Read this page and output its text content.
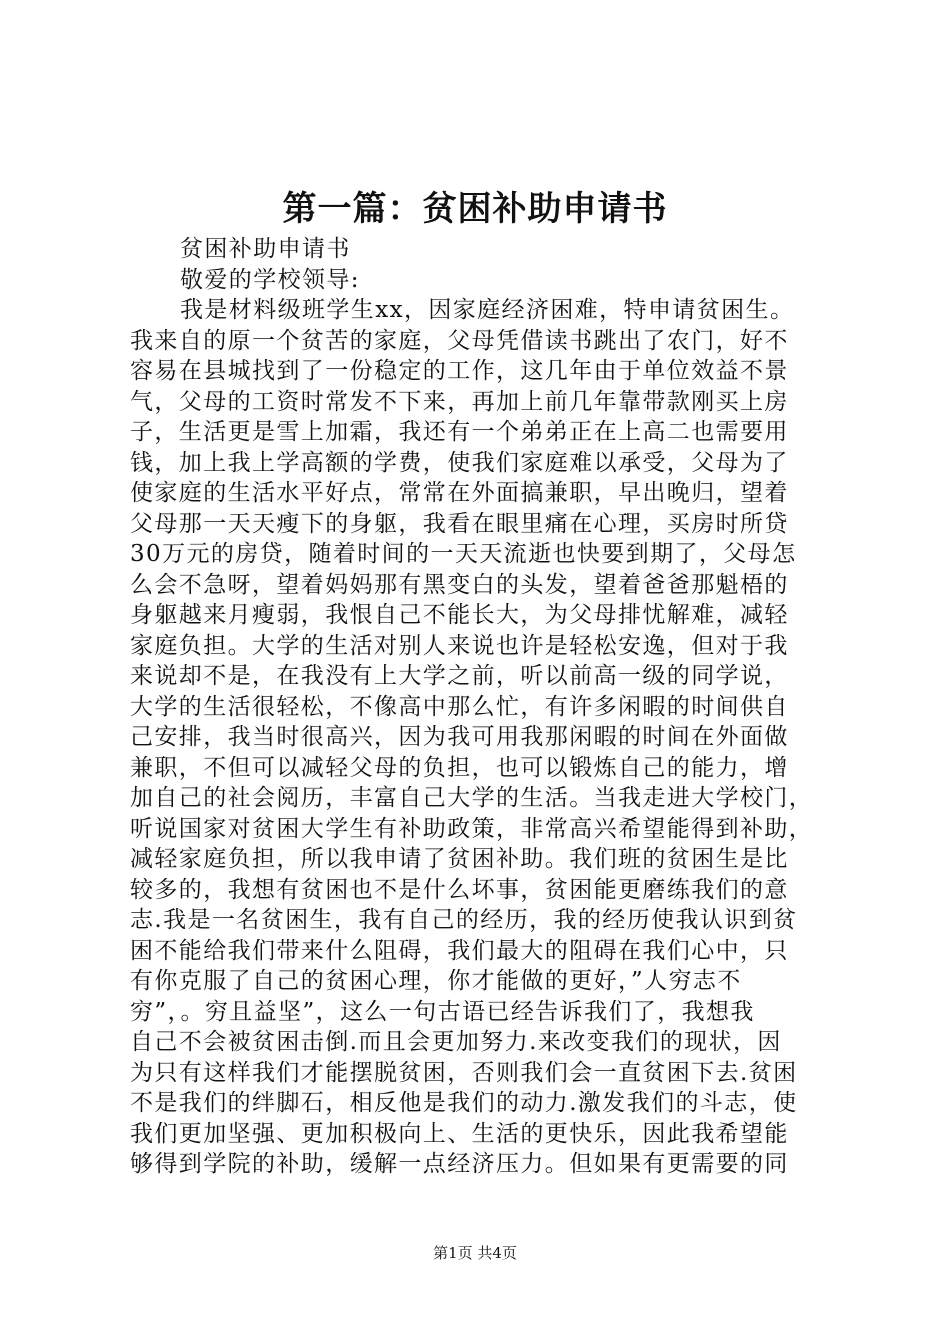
第一篇：贫困补助申请书
贫困补助申请书
敬爱的学校领导:
我是材料级班学生xx，因家庭经济困难，特申请贫困生。
我来自的原一个贫苦的家庭，父母凭借读书跳出了农门，好不
容易在县城找到了一份稳定的工作，这几年由于单位效益不景
气，父母的工资时常发不下来，再加上前几年靠带款刚买上房
子，生活更是雪上加霜，我还有一个弟弟正在上高二也需要用
钱，加上我上学高额的学费，使我们家庭难以承受，父母为了
使家庭的生活水平好点，常常在外面搞兼职，早出晚归，望着
父母那一天天瘦下的身躯，我看在眼里痛在心理，买房时所贷
30万元的房贷，随着时间的一天天流逝也快要到期了，父母怎
么会不急呀，望着妈妈那有黑变白的头发，望着爸爸那魁梧的
身躯越来月瘦弱，我恨自己不能长大，为父母排忧解难，减轻
家庭负担。大学的生活对别人来说也许是轻松安逸，但对于我
来说却不是，在我没有上大学之前，听以前高一级的同学说，
大学的生活很轻松，不像高中那么忙，有许多闲暇的时间供自
己安排，我当时很高兴，因为我可用我那闲暇的时间在外面做
兼职，不但可以减轻父母的负担，也可以锻炼自己的能力，增
加自己的社会阅历，丰富自己大学的生活。当我走进大学校门，
听说国家对贫困大学生有补助政策，非常高兴希望能得到补助，
减轻家庭负担，所以我申请了贫困补助。我们班的贫困生是比
较多的，我想有贫困也不是什么坏事，贫困能更磨练我们的意
志.我是一名贫困生，我有自己的经历，我的经历使我认识到贫
困不能给我们带来什么阻碍，我们最大的阻碍在我们心中，只
有你克服了自己的贫困心理，你才能做的更好，”人穷志不
穷”，。穷且益坚”，这么一句古语已经告诉我们了，我想我
自己不会被贫困击倒.而且会更加努力.来改变我们的现状，因
为只有这样我们才能摆脱贫困，否则我们会一直贫困下去.贫困
不是我们的绊脚石，相反他是我们的动力.激发我们的斗志，使
我们更加坚强、更加积极向上、生活的更快乐，因此我希望能
够得到学院的补助，缓解一点经济压力。但如果有更需要的同
第1页 共4页
